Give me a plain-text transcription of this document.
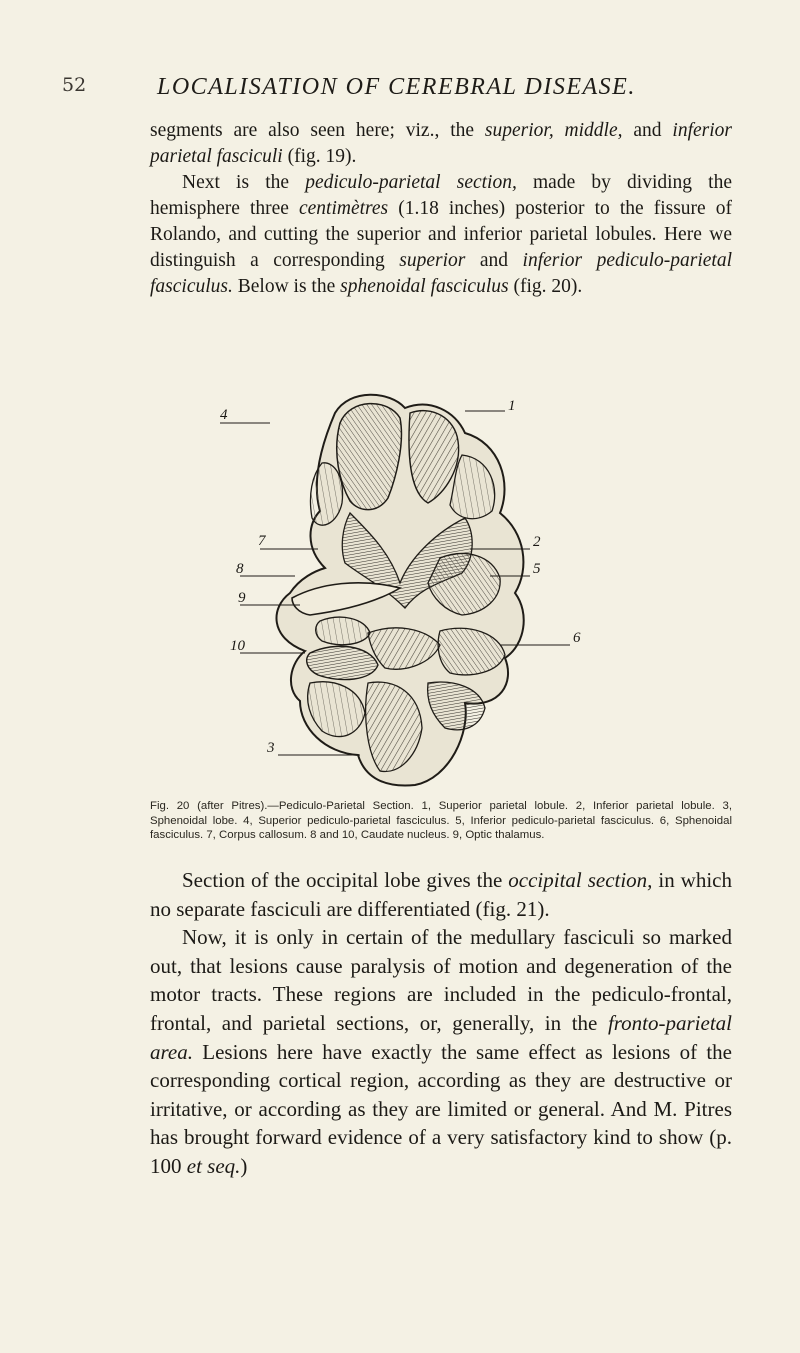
52	LOCALISATION OF CEREBRAL DISEASE.

segments are also seen here; viz., the superior, middle, and inferior parietal fasciculi (fig. 19).

Next is the pediculo-parietal section, made by dividing the hemisphere three centimètres (1.18 inches) posterior to the fissure of Rolando, and cutting the superior and inferior parietal lobules. Here we distinguish a corresponding superior and inferior pediculo-parietal fasciculus. Below is the sphenoidal fasciculus (fig. 20).

1
4
7	2
8	5
9
10	6
3
Fig. 20 (after Pitres).—Pediculo-Parietal Section. 1, Superior parietal lobule. 2, Inferior parietal lobule. 3, Sphenoidal lobe. 4, Superior pediculo-parietal fasciculus. 5, Inferior pediculo-parietal fasciculus. 6, Sphenoidal fasciculus. 7, Corpus callosum. 8 and 10, Caudate nucleus. 9, Optic thalamus.

Section of the occipital lobe gives the occipital section, in which no separate fasciculi are differentiated (fig. 21).

Now, it is only in certain of the medullary fasciculi so marked out, that lesions cause paralysis of motion and degeneration of the motor tracts. These regions are included in the pediculo-frontal, frontal, and parietal sections, or, generally, in the fronto-parietal area. Lesions here have exactly the same effect as lesions of the corresponding cortical region, according as they are destructive or irritative, or according as they are limited or general. And M. Pitres has brought forward evidence of a very satisfactory kind to show (p. 100 et seq.)
